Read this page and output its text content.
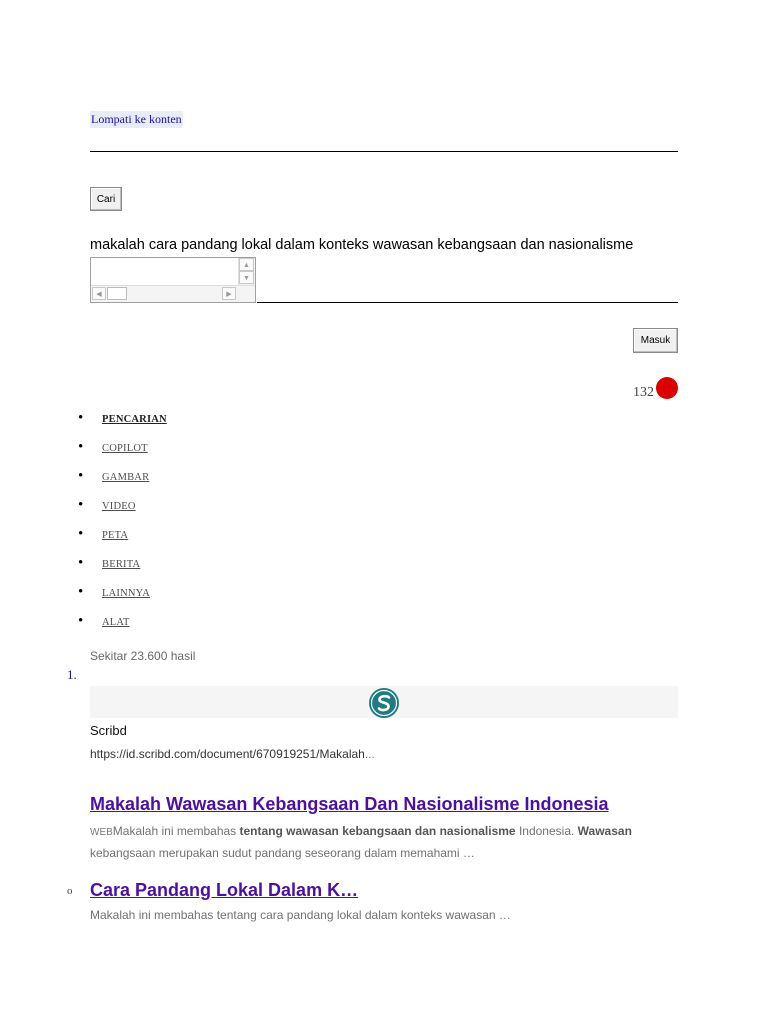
Lompati ke konten
Cari
makalah cara pandang lokal dalam konteks wawasan kebangsaan dan nasionalisme
▲
▼
◀	▶
Masuk
132
• PENCARIAN
• COPILOT
• GAMBAR
• VIDEO
• PETA
• BERITA
• LAINNYA
• ALAT
Sekitar 23.600 hasil
1.
Scribd
https://id.scribd.com/document/670919251/Makalah...
Makalah Wawasan Kebangsaan Dan Nasionalisme Indonesia
WEBMakalah ini membahas tentang wawasan kebangsaan dan nasionalisme Indonesia. Wawasan kebangsaan merupakan sudut pandang seseorang dalam memahami …
o Cara Pandang Lokal Dalam K…
Makalah ini membahas tentang cara pandang lokal dalam konteks wawasan …
